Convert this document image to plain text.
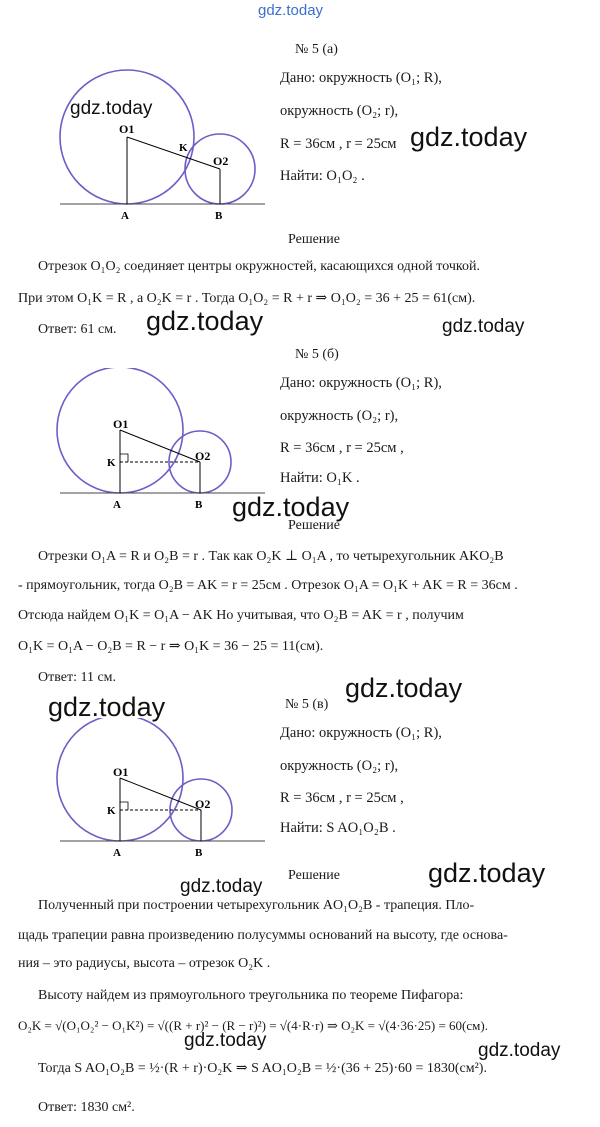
gdz.today
gdz.today
gdz.today
gdz.today	gdz.today
gdz.today
gdz.today
gdz.today
gdz.today
gdz.today
gdz.today	gdz.today
№ 5 (а)
O1
O2
K
A	B
Дано: окружность (O₁; R),
окружность (O₂; r),
R = 36см , r = 25см
Найти: O₁O₂ .
Решение
Отрезок O₁O₂ соединяет центры окружностей, касающихся одной точкой.
При этом O₁K = R , а O₂K = r . Тогда O₁O₂ = R + r ⇒ O₁O₂ = 36 + 25 = 61(см).
Ответ: 61 см.
№ 5 (б)
O1
O2
K
A	B
Дано: окружность (O₁; R),
окружность (O₂; r),
R = 36см , r = 25см ,
Найти: O₁K .
Решение
Отрезки O₁A = R и O₂B = r . Так как O₂K ⊥ O₁A , то четырехугольник AKO₂B
- прямоугольник, тогда O₂B = AK = r = 25см . Отрезок O₁A = O₁K + AK = R = 36см .
Отсюда найдем O₁K = O₁A − AK Но учитывая, что O₂B = AK = r , получим
O₁K = O₁A − O₂B = R − r ⇒ O₁K = 36 − 25 = 11(см).
Ответ: 11 см.
№ 5 (в)
O1
O2
K
A	B
Дано: окружность (O₁; R),
окружность (O₂; r),
R = 36см , r = 25см ,
Найти: S AO₁O₂B .
Решение
Полученный при построении четырехугольник AO₁O₂B - трапеция. Пло-
щадь трапеции равна произведению полусуммы оснований на высоту, где основа-
ния – это радиусы, высота – отрезок O₂K .
Высоту найдем из прямоугольного треугольника по теореме Пифагора:
O₂K = √(O₁O₂² − O₁K²) = √((R + r)² − (R − r)²) = √(4·R·r) ⇒ O₂K = √(4·36·25) = 60(см).
Тогда S AO₁O₂B = ½·(R + r)·O₂K ⇒ S AO₁O₂B = ½·(36 + 25)·60 = 1830(см²).
Ответ: 1830 см².
